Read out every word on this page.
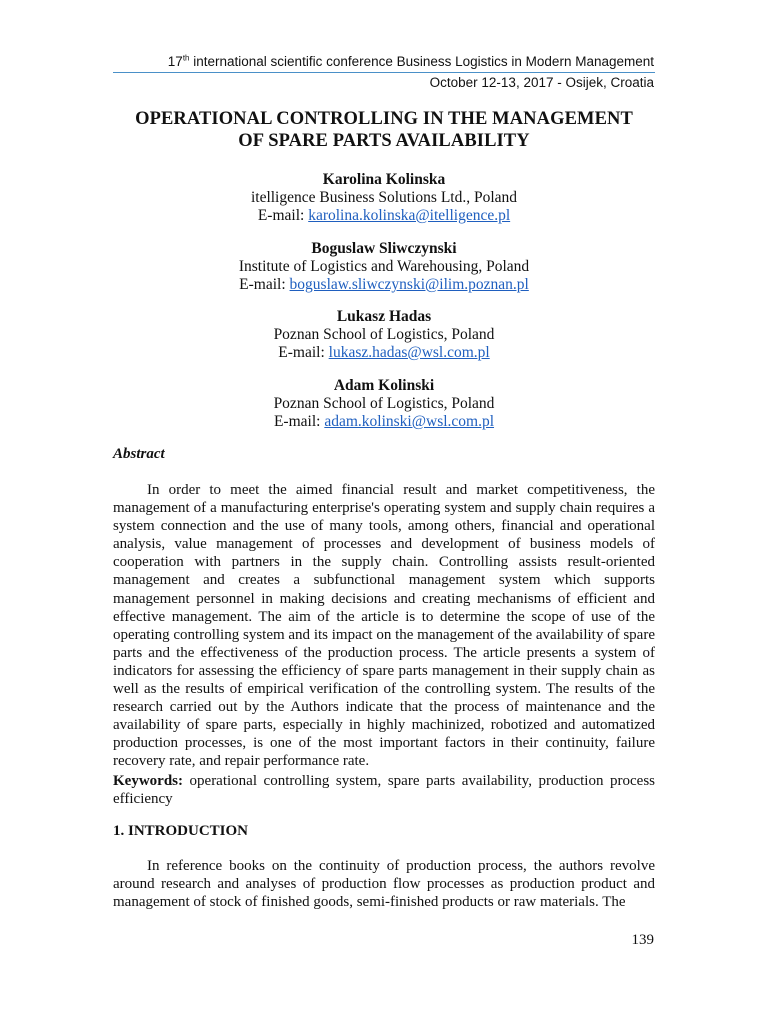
17th international scientific conference Business Logistics in Modern Management
October 12-13, 2017 - Osijek, Croatia
OPERATIONAL CONTROLLING IN THE MANAGEMENT
OF SPARE PARTS AVAILABILITY
Karolina Kolinska
itelligence Business Solutions Ltd., Poland
E-mail: karolina.kolinska@itelligence.pl
Boguslaw Sliwczynski
Institute of Logistics and Warehousing, Poland
E-mail: boguslaw.sliwczynski@ilim.poznan.pl
Lukasz Hadas
Poznan School of Logistics, Poland
E-mail: lukasz.hadas@wsl.com.pl
Adam Kolinski
Poznan School of Logistics, Poland
E-mail: adam.kolinski@wsl.com.pl
Abstract
In order to meet the aimed financial result and market competitiveness, the management of a manufacturing enterprise's operating system and supply chain requires a system connection and the use of many tools, among others, financial and operational analysis, value management of processes and development of business models of cooperation with partners in the supply chain. Controlling assists result-oriented management and creates a subfunctional management system which supports management personnel in making decisions and creating mechanisms of efficient and effective management. The aim of the article is to determine the scope of use of the operating controlling system and its impact on the management of the availability of spare parts and the effectiveness of the production process. The article presents a system of indicators for assessing the efficiency of spare parts management in their supply chain as well as the results of empirical verification of the controlling system. The results of the research carried out by the Authors indicate that the process of maintenance and the availability of spare parts, especially in highly machinized, robotized and automatized production processes, is one of the most important factors in their continuity, failure recovery rate, and repair performance rate.
Keywords: operational controlling system, spare parts availability, production process efficiency
1. INTRODUCTION
In reference books on the continuity of production process, the authors revolve around research and analyses of production flow processes as production product and management of stock of finished goods, semi-finished products or raw materials. The
139
